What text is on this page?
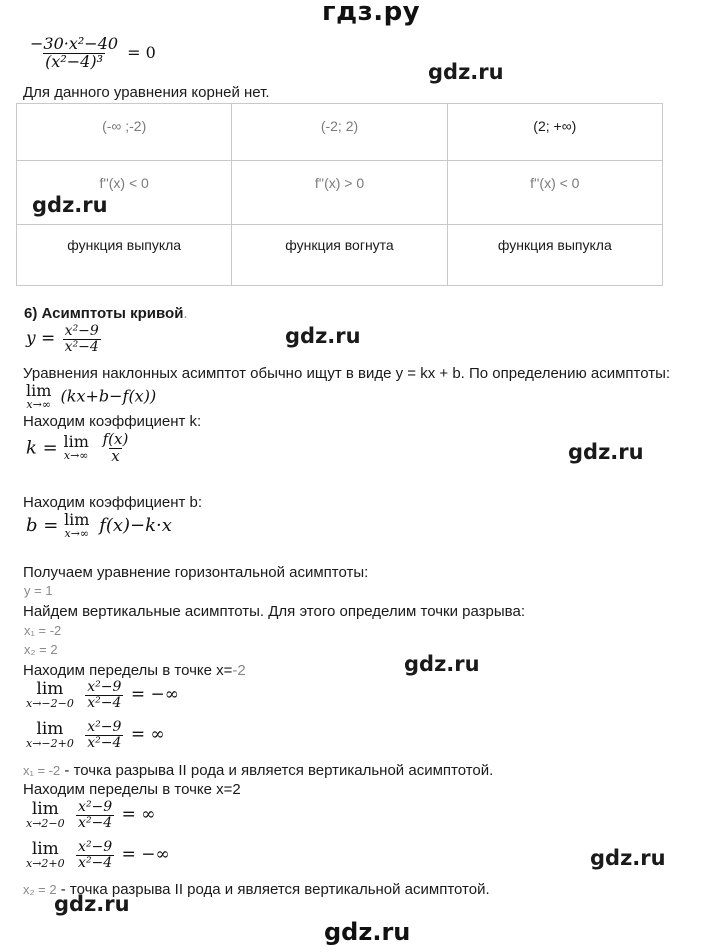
гдз.ру
$\frac{\text{−30·x²−40}}{\text{(x²−4)³}} = 0$
gdz.ru
Для данного уравнения корней нет.
(-∞ ;-2)	(-2; 2)	(2; +∞)
f''(x) < 0	f''(x) > 0	f''(x) < 0
функция выпукла	функция вогнута	функция выпукла
gdz.ru
6) Асимптоты кривой.
$y = \frac{\text{x²−9}}{\text{x²−4}}$	gdz.ru
Уравнения наклонных асимптот обычно ищут в виде y = kx + b. По определению асимптоты:
lim
x→∞ (kx+b−f(x))
Находим коэффициент k:
k = lim
x→∞
$\frac{f(x)}{x}$	gdz.ru
Находим коэффициент b:
b = lim
x→∞ f(x)−k·x
Получаем уравнение горизонтальной асимптоты:
y = 1
Найдем вертикальные асимптоты. Для этого определим точки разрыва:
x₁ = -2
x₂ = 2
Находим переделы в точке x=-2	gdz.ru
lim
x→−2−0
$\frac{\text{x²−9}}{\text{x²−4}}$ = −∞
lim
x→−2+0
$\frac{\text{x²−9}}{\text{x²−4}}$ = ∞
x₁ = -2 - точка разрыва II рода и является вертикальной асимптотой.
Находим переделы в точке x=2
lim
x→2−0
$\frac{\text{x²−9}}{\text{x²−4}}$ = ∞
lim
x→2+0
$\frac{\text{x²−9}}{\text{x²−4}}$ = −∞	gdz.ru
x₂ = 2 - точка разрыва II рода и является вертикальной асимптотой.
gdz.ru
gdz.ru
